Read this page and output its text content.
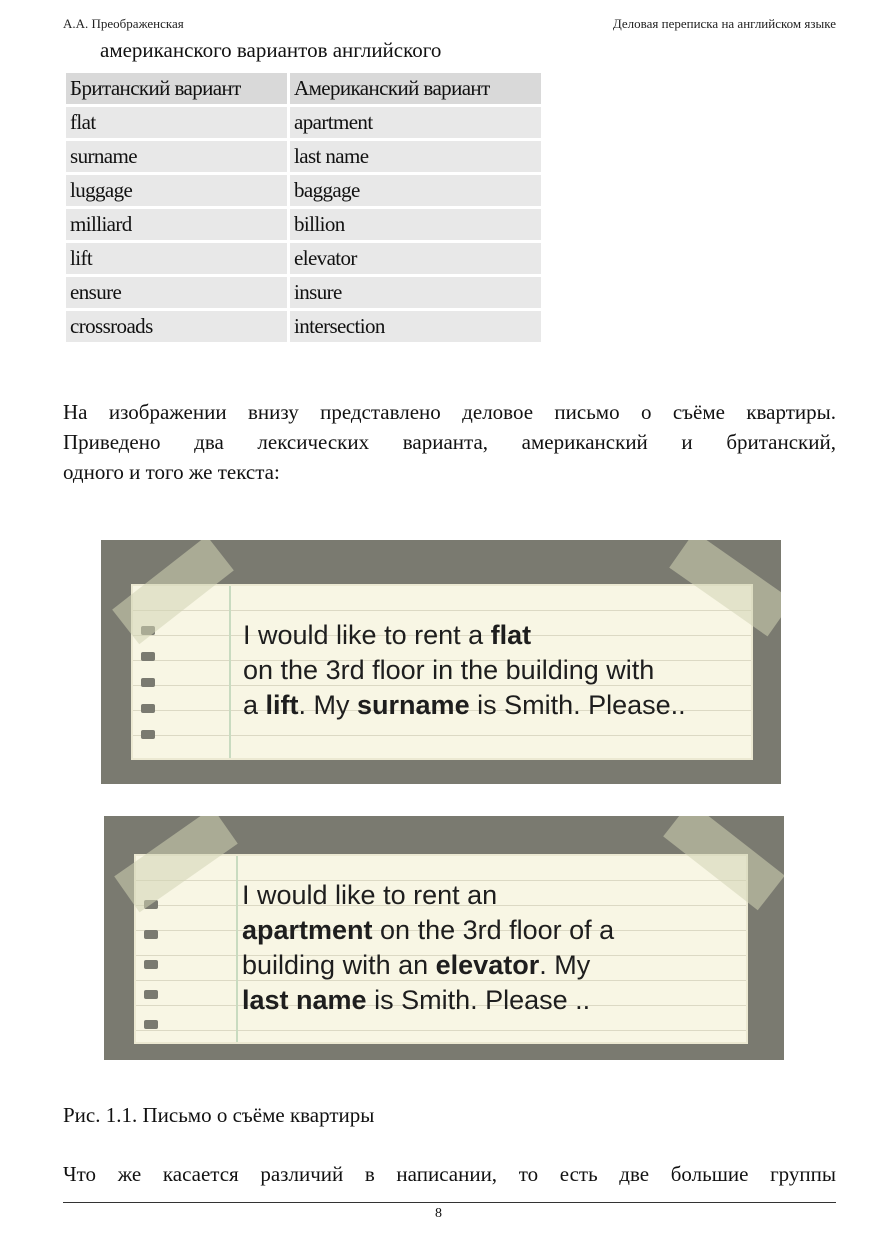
А.А. Преображенская	Деловая переписка на английском языке
американского вариантов английского
Британский вариант	Американский вариант
flat	apartment
surname	last name
luggage	baggage
milliard	billion
lift	elevator
ensure	insure
crossroads	intersection
На изображении внизу представлено деловое письмо о съёме квартиры.
Приведено два лексических варианта, американский и британский,
одного и того же текста:
I would like to rent a flat
on the 3rd floor in the building with
a lift. My surname is Smith. Please..
I would like to rent an
apartment on the 3rd floor of a
building with an elevator. My
last name is Smith. Please ..
Рис. 1.1. Письмо о съёме квартиры
Что же касается различий в написании, то есть две большие группы
8
